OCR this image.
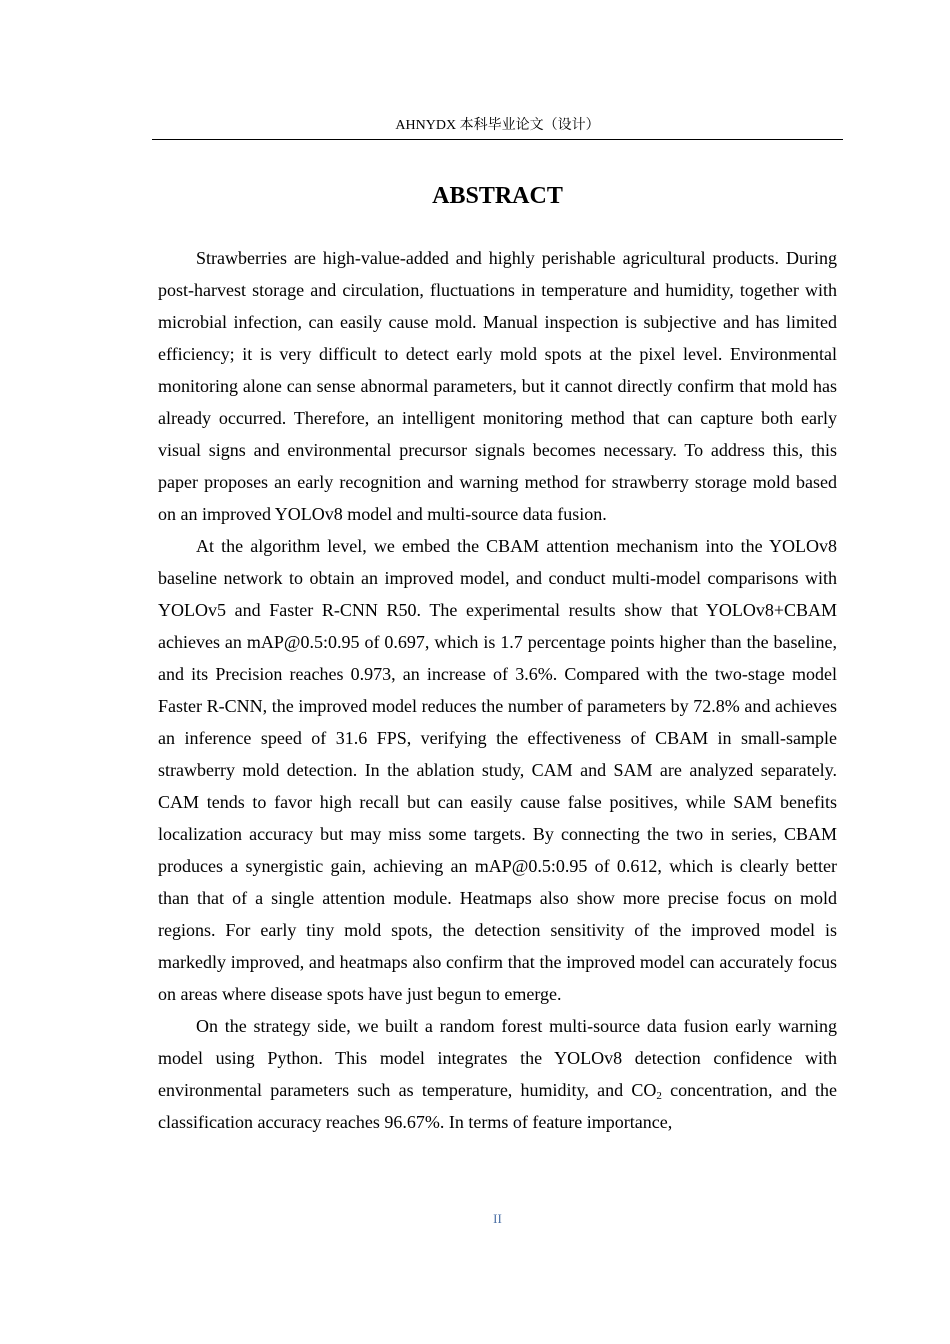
AHNYDX 本科毕业论文（设计）
ABSTRACT

Strawberries are high-value-added and highly perishable agricultural products. During post-harvest storage and circulation, fluctuations in temperature and humidity, together with microbial infection, can easily cause mold. Manual inspection is subjective and has limited efficiency; it is very difficult to detect early mold spots at the pixel level. Environmental monitoring alone can sense abnormal parameters, but it cannot directly confirm that mold has already occurred. Therefore, an intelligent monitoring method that can capture both early visual signs and environmental precursor signals becomes necessary. To address this, this paper proposes an early recognition and warning method for strawberry storage mold based on an improved YOLOv8 model and multi-source data fusion.

At the algorithm level, we embed the CBAM attention mechanism into the YOLOv8 baseline network to obtain an improved model, and conduct multi-model comparisons with YOLOv5 and Faster R-CNN R50. The experimental results show that YOLOv8+CBAM achieves an mAP@0.5:0.95 of 0.697, which is 1.7 percentage points higher than the baseline, and its Precision reaches 0.973, an increase of 3.6%. Compared with the two-stage model Faster R-CNN, the improved model reduces the number of parameters by 72.8% and achieves an inference speed of 31.6 FPS, verifying the effectiveness of CBAM in small-sample strawberry mold detection. In the ablation study, CAM and SAM are analyzed separately. CAM tends to favor high recall but can easily cause false positives, while SAM benefits localization accuracy but may miss some targets. By connecting the two in series, CBAM produces a synergistic gain, achieving an mAP@0.5:0.95 of 0.612, which is clearly better than that of a single attention module. Heatmaps also show more precise focus on mold regions. For early tiny mold spots, the detection sensitivity of the improved model is markedly improved, and heatmaps also confirm that the improved model can accurately focus on areas where disease spots have just begun to emerge.

On the strategy side, we built a random forest multi-source data fusion early warning model using Python. This model integrates the YOLOv8 detection confidence with environmental parameters such as temperature, humidity, and $CO_2$ concentration, and the classification accuracy reaches 96.67%. In terms of feature importance,

II
